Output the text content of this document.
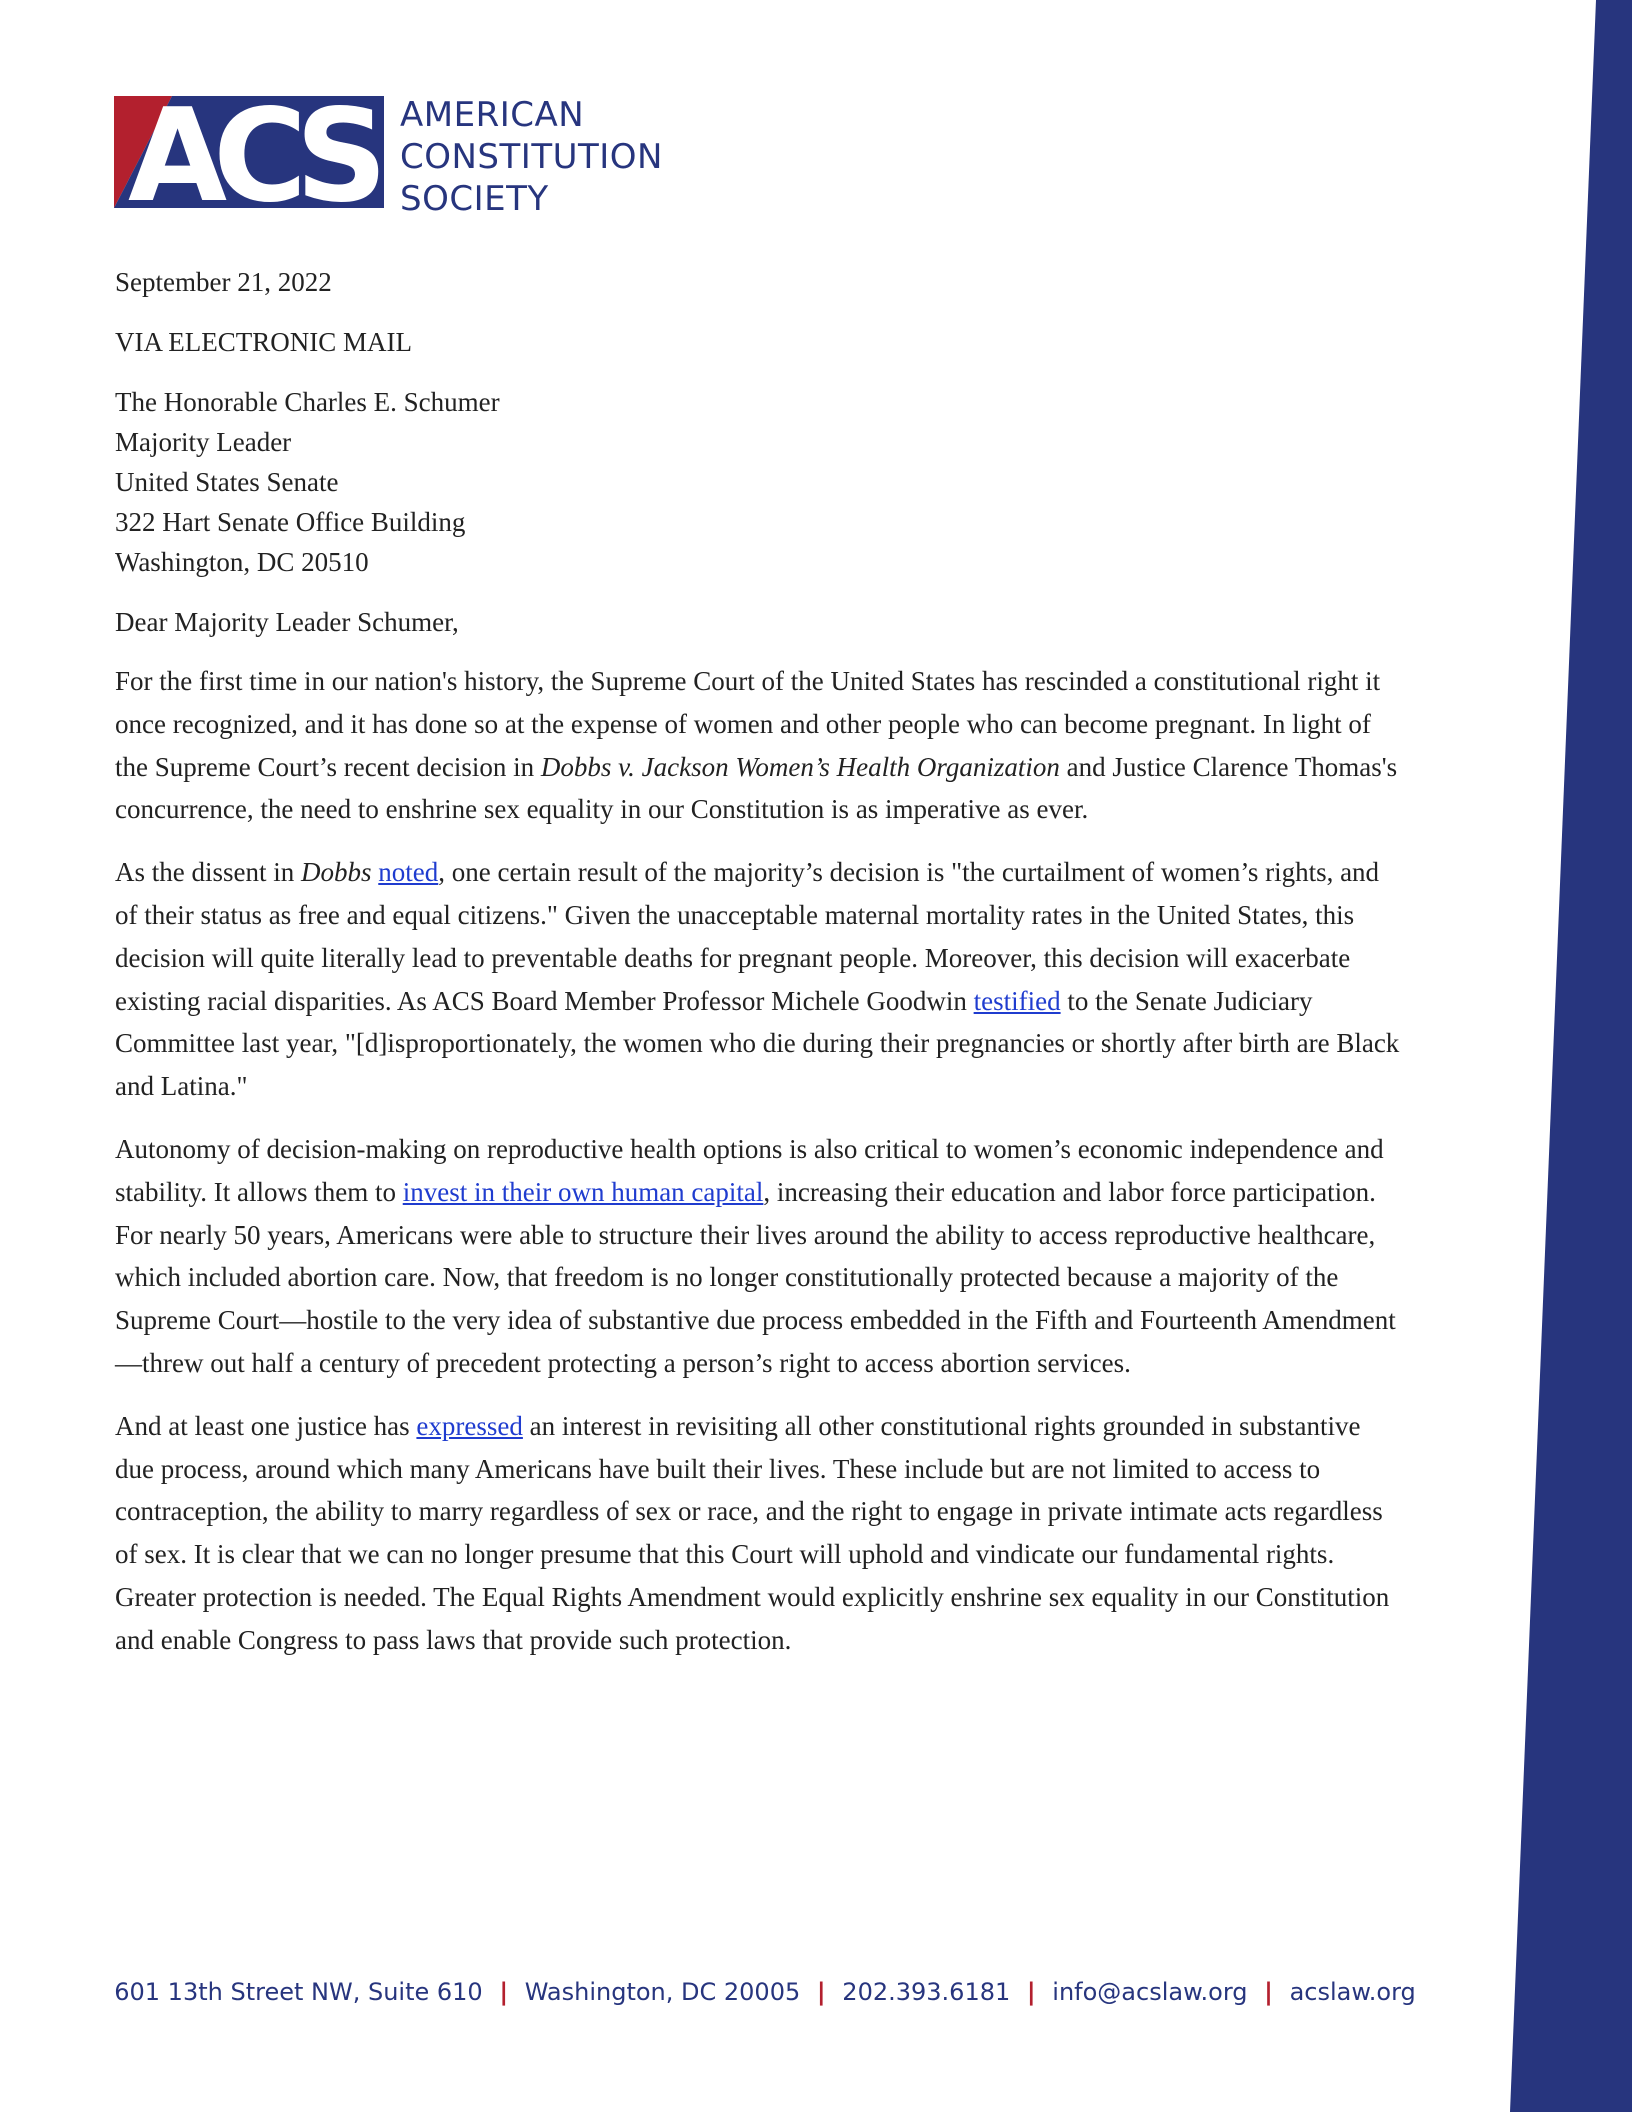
ACS AMERICAN
CONSTITUTION
SOCIETY
September 21, 2022
VIA ELECTRONIC MAIL
The Honorable Charles E. Schumer
Majority Leader
United States Senate
322 Hart Senate Office Building
Washington, DC 20510
Dear Majority Leader Schumer,

For the first time in our nation's history, the Supreme Court of the United States has rescinded a constitutional right it once recognized, and it has done so at the expense of women and other people who can become pregnant. In light of the Supreme Court’s recent decision in Dobbs v. Jackson Women’s Health Organization and Justice Clarence Thomas's concurrence, the need to enshrine sex equality in our Constitution is as imperative as ever.

As the dissent in Dobbs noted, one certain result of the majority’s decision is "the curtailment of women’s rights, and of their status as free and equal citizens." Given the unacceptable maternal mortality rates in the United States, this decision will quite literally lead to preventable deaths for pregnant people. Moreover, this decision will exacerbate existing racial disparities. As ACS Board Member Professor Michele Goodwin testified to the Senate Judiciary Committee last year, "[d]isproportionately, the women who die during their pregnancies or shortly after birth are Black and Latina."

Autonomy of decision-making on reproductive health options is also critical to women’s economic independence and stability. It allows them to invest in their own human capital, increasing their education and labor force participation. For nearly 50 years, Americans were able to structure their lives around the ability to access reproductive healthcare, which included abortion care. Now, that freedom is no longer constitutionally protected because a majority of the Supreme Court—hostile to the very idea of substantive due process embedded in the Fifth and Fourteenth Amendment—threw out half a century of precedent protecting a person’s right to access abortion services.

And at least one justice has expressed an interest in revisiting all other constitutional rights grounded in substantive due process, around which many Americans have built their lives. These include but are not limited to access to contraception, the ability to marry regardless of sex or race, and the right to engage in private intimate acts regardless of sex. It is clear that we can no longer presume that this Court will uphold and vindicate our fundamental rights. Greater protection is needed. The Equal Rights Amendment would explicitly enshrine sex equality in our Constitution and enable Congress to pass laws that provide such protection.

601 13th Street NW, Suite 610 | Washington, DC 20005 | 202.393.6181 | info@acslaw.org | acslaw.org
